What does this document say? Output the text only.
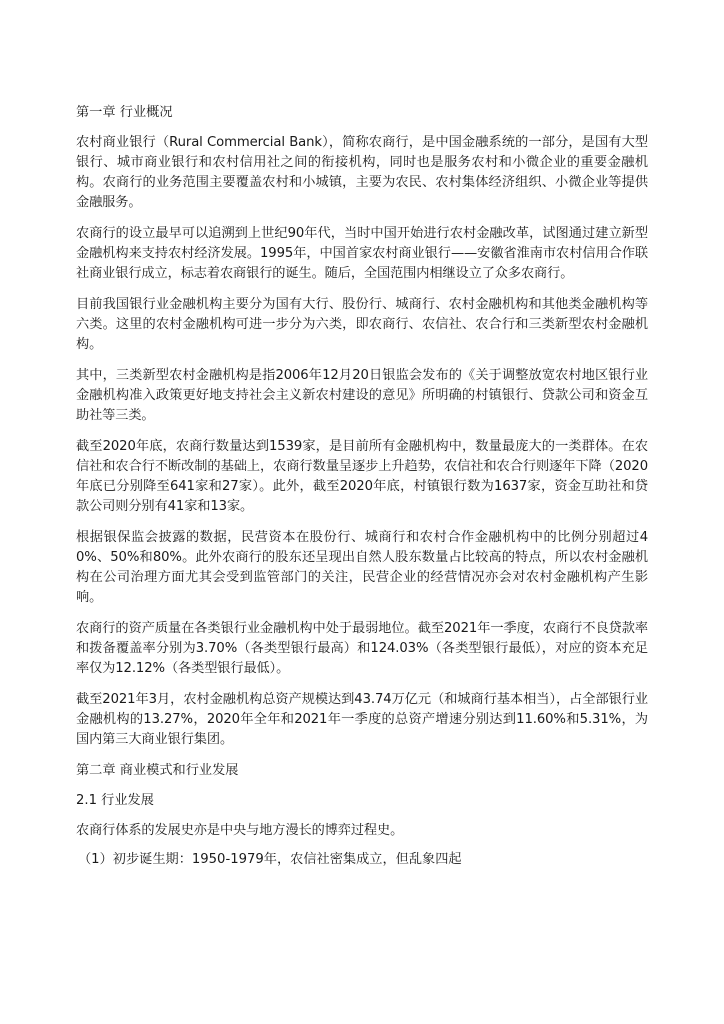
第一章 行业概况

农村商业银行（Rural Commercial Bank），简称农商行，是中国金融系统的一部分，是国有大型银行、城市商业银行和农村信用社之间的衔接机构，同时也是服务农村和小微企业的重要金融机构。农商行的业务范围主要覆盖农村和小城镇，主要为农民、农村集体经济组织、小微企业等提供金融服务。

农商行的设立最早可以追溯到上世纪90年代，当时中国开始进行农村金融改革，试图通过建立新型金融机构来支持农村经济发展。1995年，中国首家农村商业银行——安徽省淮南市农村信用合作联社商业银行成立，标志着农商银行的诞生。随后，全国范围内相继设立了众多农商行。

目前我国银行业金融机构主要分为国有大行、股份行、城商行、农村金融机构和其他类金融机构等六类。这里的农村金融机构可进一步分为六类，即农商行、农信社、农合行和三类新型农村金融机构。

其中，三类新型农村金融机构是指2006年12月20日银监会发布的《关于调整放宽农村地区银行业金融机构准入政策更好地支持社会主义新农村建设的意见》所明确的村镇银行、贷款公司和资金互助社等三类。

截至2020年底，农商行数量达到1539家，是目前所有金融机构中，数量最庞大的一类群体。在农信社和农合行不断改制的基础上，农商行数量呈逐步上升趋势，农信社和农合行则逐年下降（2020年底已分别降至641家和27家）。此外，截至2020年底，村镇银行数为1637家，资金互助社和贷款公司则分别有41家和13家。

根据银保监会披露的数据，民营资本在股份行、城商行和农村合作金融机构中的比例分别超过40%、50%和80%。此外农商行的股东还呈现出自然人股东数量占比较高的特点，所以农村金融机构在公司治理方面尤其会受到监管部门的关注，民营企业的经营情况亦会对农村金融机构产生影响。

农商行的资产质量在各类银行业金融机构中处于最弱地位。截至2021年一季度，农商行不良贷款率和拨备覆盖率分别为3.70%（各类型银行最高）和124.03%（各类型银行最低），对应的资本充足率仅为12.12%（各类型银行最低）。

截至2021年3月，农村金融机构总资产规模达到43.74万亿元（和城商行基本相当），占全部银行业金融机构的13.27%，2020年全年和2021年一季度的总资产增速分别达到11.60%和5.31%，为国内第三大商业银行集团。

第二章 商业模式和行业发展
2.1 行业发展

农商行体系的发展史亦是中央与地方漫长的博弈过程史。

（1）初步诞生期：1950-1979年，农信社密集成立，但乱象四起
